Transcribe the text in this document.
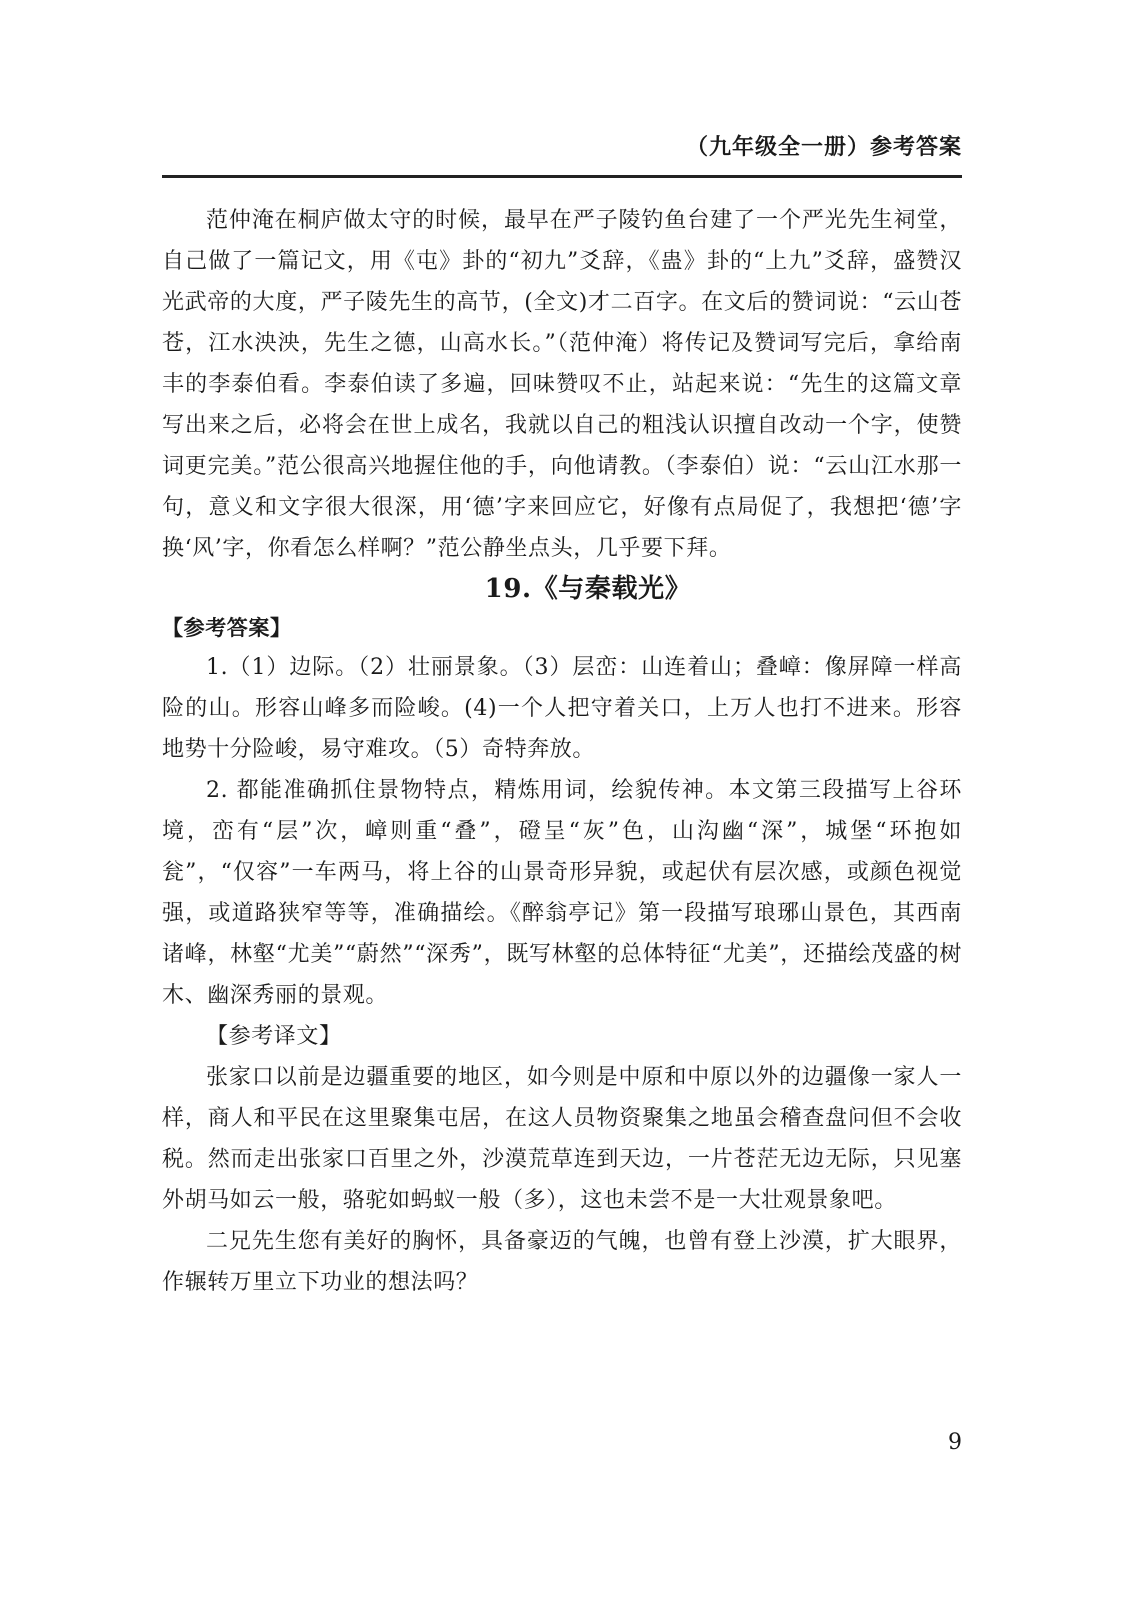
（九年级全一册）参考答案

范仲淹在桐庐做太守的时候，最早在严子陵钓鱼台建了一个严光先生祠堂，自己做了一篇记文，用《屯》卦的“初九”爻辞，《蛊》卦的“上九”爻辞，盛赞汉光武帝的大度，严子陵先生的高节，(全文)才二百字。在文后的赞词说：“云山苍苍，江水泱泱，先生之德，山高水长。”（范仲淹）将传记及赞词写完后，拿给南丰的李泰伯看。李泰伯读了多遍，回味赞叹不止，站起来说：“先生的这篇文章写出来之后，必将会在世上成名，我就以自己的粗浅认识擅自改动一个字，使赞词更完美。”范公很高兴地握住他的手，向他请教。（李泰伯）说：“云山江水那一句，意义和文字很大很深，用‘德’字来回应它，好像有点局促了，我想把‘德’字换‘风’字，你看怎么样啊？”范公静坐点头，几乎要下拜。

19.《与秦载光》

【参考答案】

1.（1）边际。（2）壮丽景象。（3）层峦：山连着山；叠嶂：像屏障一样高险的山。形容山峰多而险峻。(4)一个人把守着关口，上万人也打不进来。形容地势十分险峻，易守难攻。（5）奇特奔放。

2. 都能准确抓住景物特点，精炼用词，绘貌传神。本文第三段描写上谷环境，峦有“层”次，嶂则重“叠”，磴呈“灰”色，山沟幽“深”，城堡“环抱如瓮”，“仅容”一车两马，将上谷的山景奇形异貌，或起伏有层次感，或颜色视觉强，或道路狭窄等等，准确描绘。《醉翁亭记》第一段描写琅琊山景色，其西南诸峰，林壑“尤美”“蔚然”“深秀”，既写林壑的总体特征“尤美”，还描绘茂盛的树木、幽深秀丽的景观。

【参考译文】

张家口以前是边疆重要的地区，如今则是中原和中原以外的边疆像一家人一样，商人和平民在这里聚集屯居，在这人员物资聚集之地虽会稽查盘问但不会收税。然而走出张家口百里之外，沙漠荒草连到天边，一片苍茫无边无际，只见塞外胡马如云一般，骆驼如蚂蚁一般（多），这也未尝不是一大壮观景象吧。

二兄先生您有美好的胸怀，具备豪迈的气魄，也曾有登上沙漠，扩大眼界，作辗转万里立下功业的想法吗？

9
